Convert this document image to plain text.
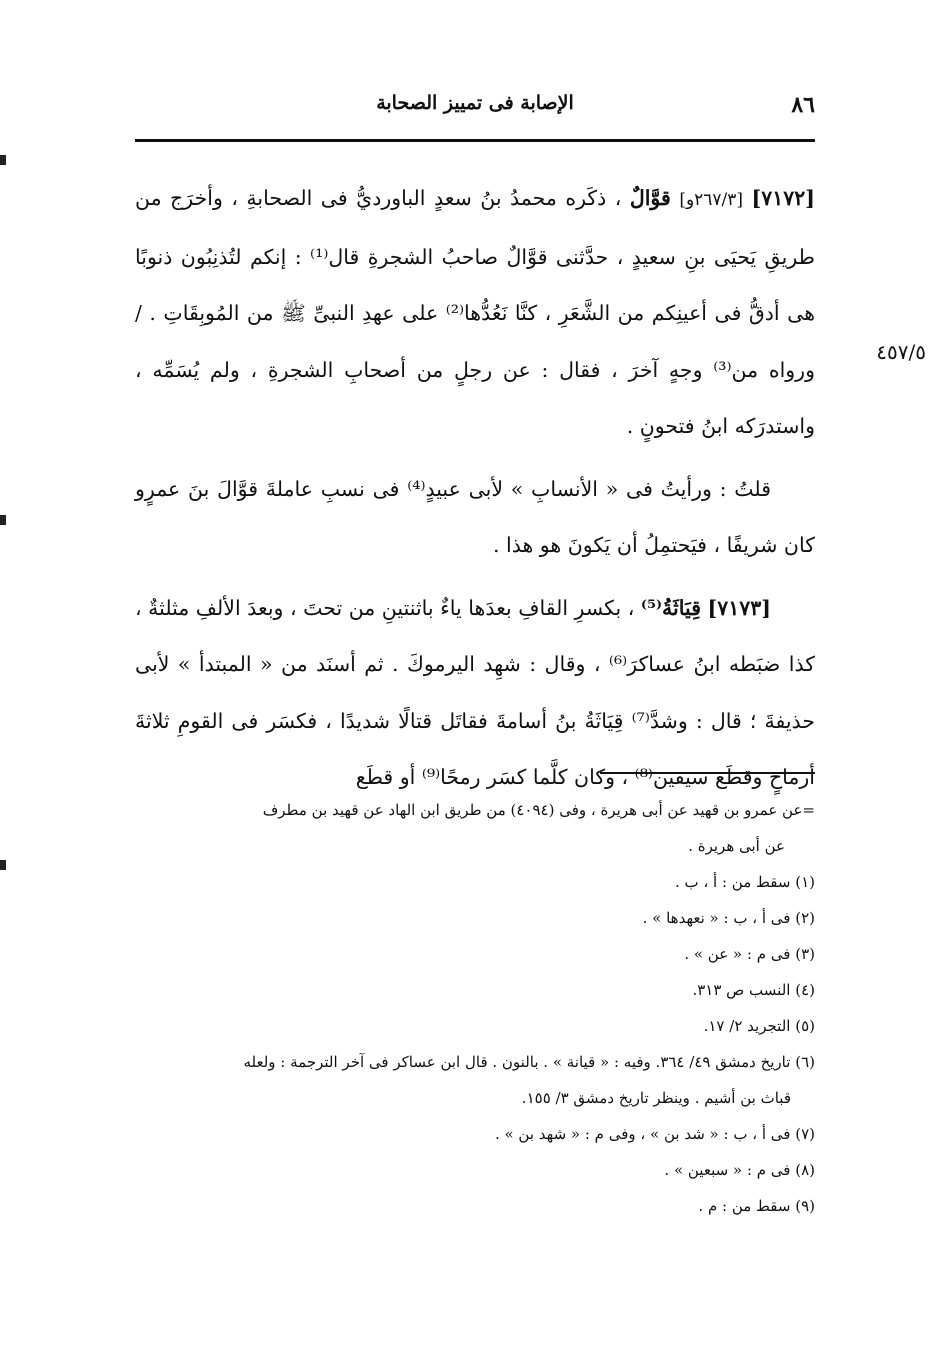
٨٦
الإصابة فى تمييز الصحابة
٤٥٧/٥

[٧١٧٢] [٢٦٧/٣و] قوَّالٌ ، ذكَره محمدُ بنُ سعدٍ الباورديُّ فى الصحابةِ ، وأخرَج من طريقِ يَحيَى بنِ سعيدٍ ، حدَّثنى قوَّالٌ صاحبُ الشجرةِ قال⁽¹⁾ : إنكم لتُذنِبُون ذنوبًا هى أدقُّ فى أعينِكم من الشَّعَرِ ، كنَّا نَعُدُّها⁽²⁾ على عهدِ النبىِّ ﷺ من المُوبِقَاتِ . / ورواه من⁽³⁾ وجهٍ آخرَ ، فقال : عن رجلٍ من أصحابِ الشجرةِ ، ولم يُسَمِّه ، واستدرَكه ابنُ فتحونٍ .

قلتُ : ورأيتُ فى « الأنسابِ » لأبى عبيدٍ⁽⁴⁾ فى نسبِ عاملةَ قوَّالَ بنَ عمرٍو كان شريفًا ، فيَحتمِلُ أن يَكونَ هو هذا .

[٧١٧٣] قِيَاثَةُ⁽⁵⁾ ، بكسرِ القافِ بعدَها ياءٌ باثنتينِ من تحتَ ، وبعدَ الألفِ مثلثةٌ ، كذا ضبَطه ابنُ عساكرَ⁽⁶⁾ ، وقال : شهِد اليرموكَ . ثم أسنَد من « المبتدأ » لأبى حذيفةَ ؛ قال : وشدَّ⁽⁷⁾ قِيَاثَةُ بنُ أسامةَ فقاتَل قتالًا شديدًا ، فكسَر فى القومِ ثلاثةَ أرماحٍ وقطَع سيفين⁽⁸⁾ ، وكان كلَّما كسَر رمحًا⁽⁹⁾ أو قطَع

=عن عمرو بن قهيد عن أبى هريرة ، وفى (٤٠٩٤) من طريق ابن الهاد عن قهيد بن مطرف

عن أبى هريرة .

(١) سقط من : أ ، ب .

(٢) فى أ ، ب : « نعهدها » .

(٣) فى م : « عن » .

(٤) النسب ص ٣١٣.

(٥) التجريد ٢/ ١٧.

(٦) تاريخ دمشق ٤٩/ ٣٦٤. وفيه : « قيانة » . بالنون . قال ابن عساكر فى آخر الترجمة : ولعله

قباث بن أشيم . وينظر تاريخ دمشق ٣/ ١٥٥.

(٧) فى أ ، ب : « شد بن » ، وفى م : « شهد بن » .

(٨) فى م : « سبعين » .

(٩) سقط من : م .
